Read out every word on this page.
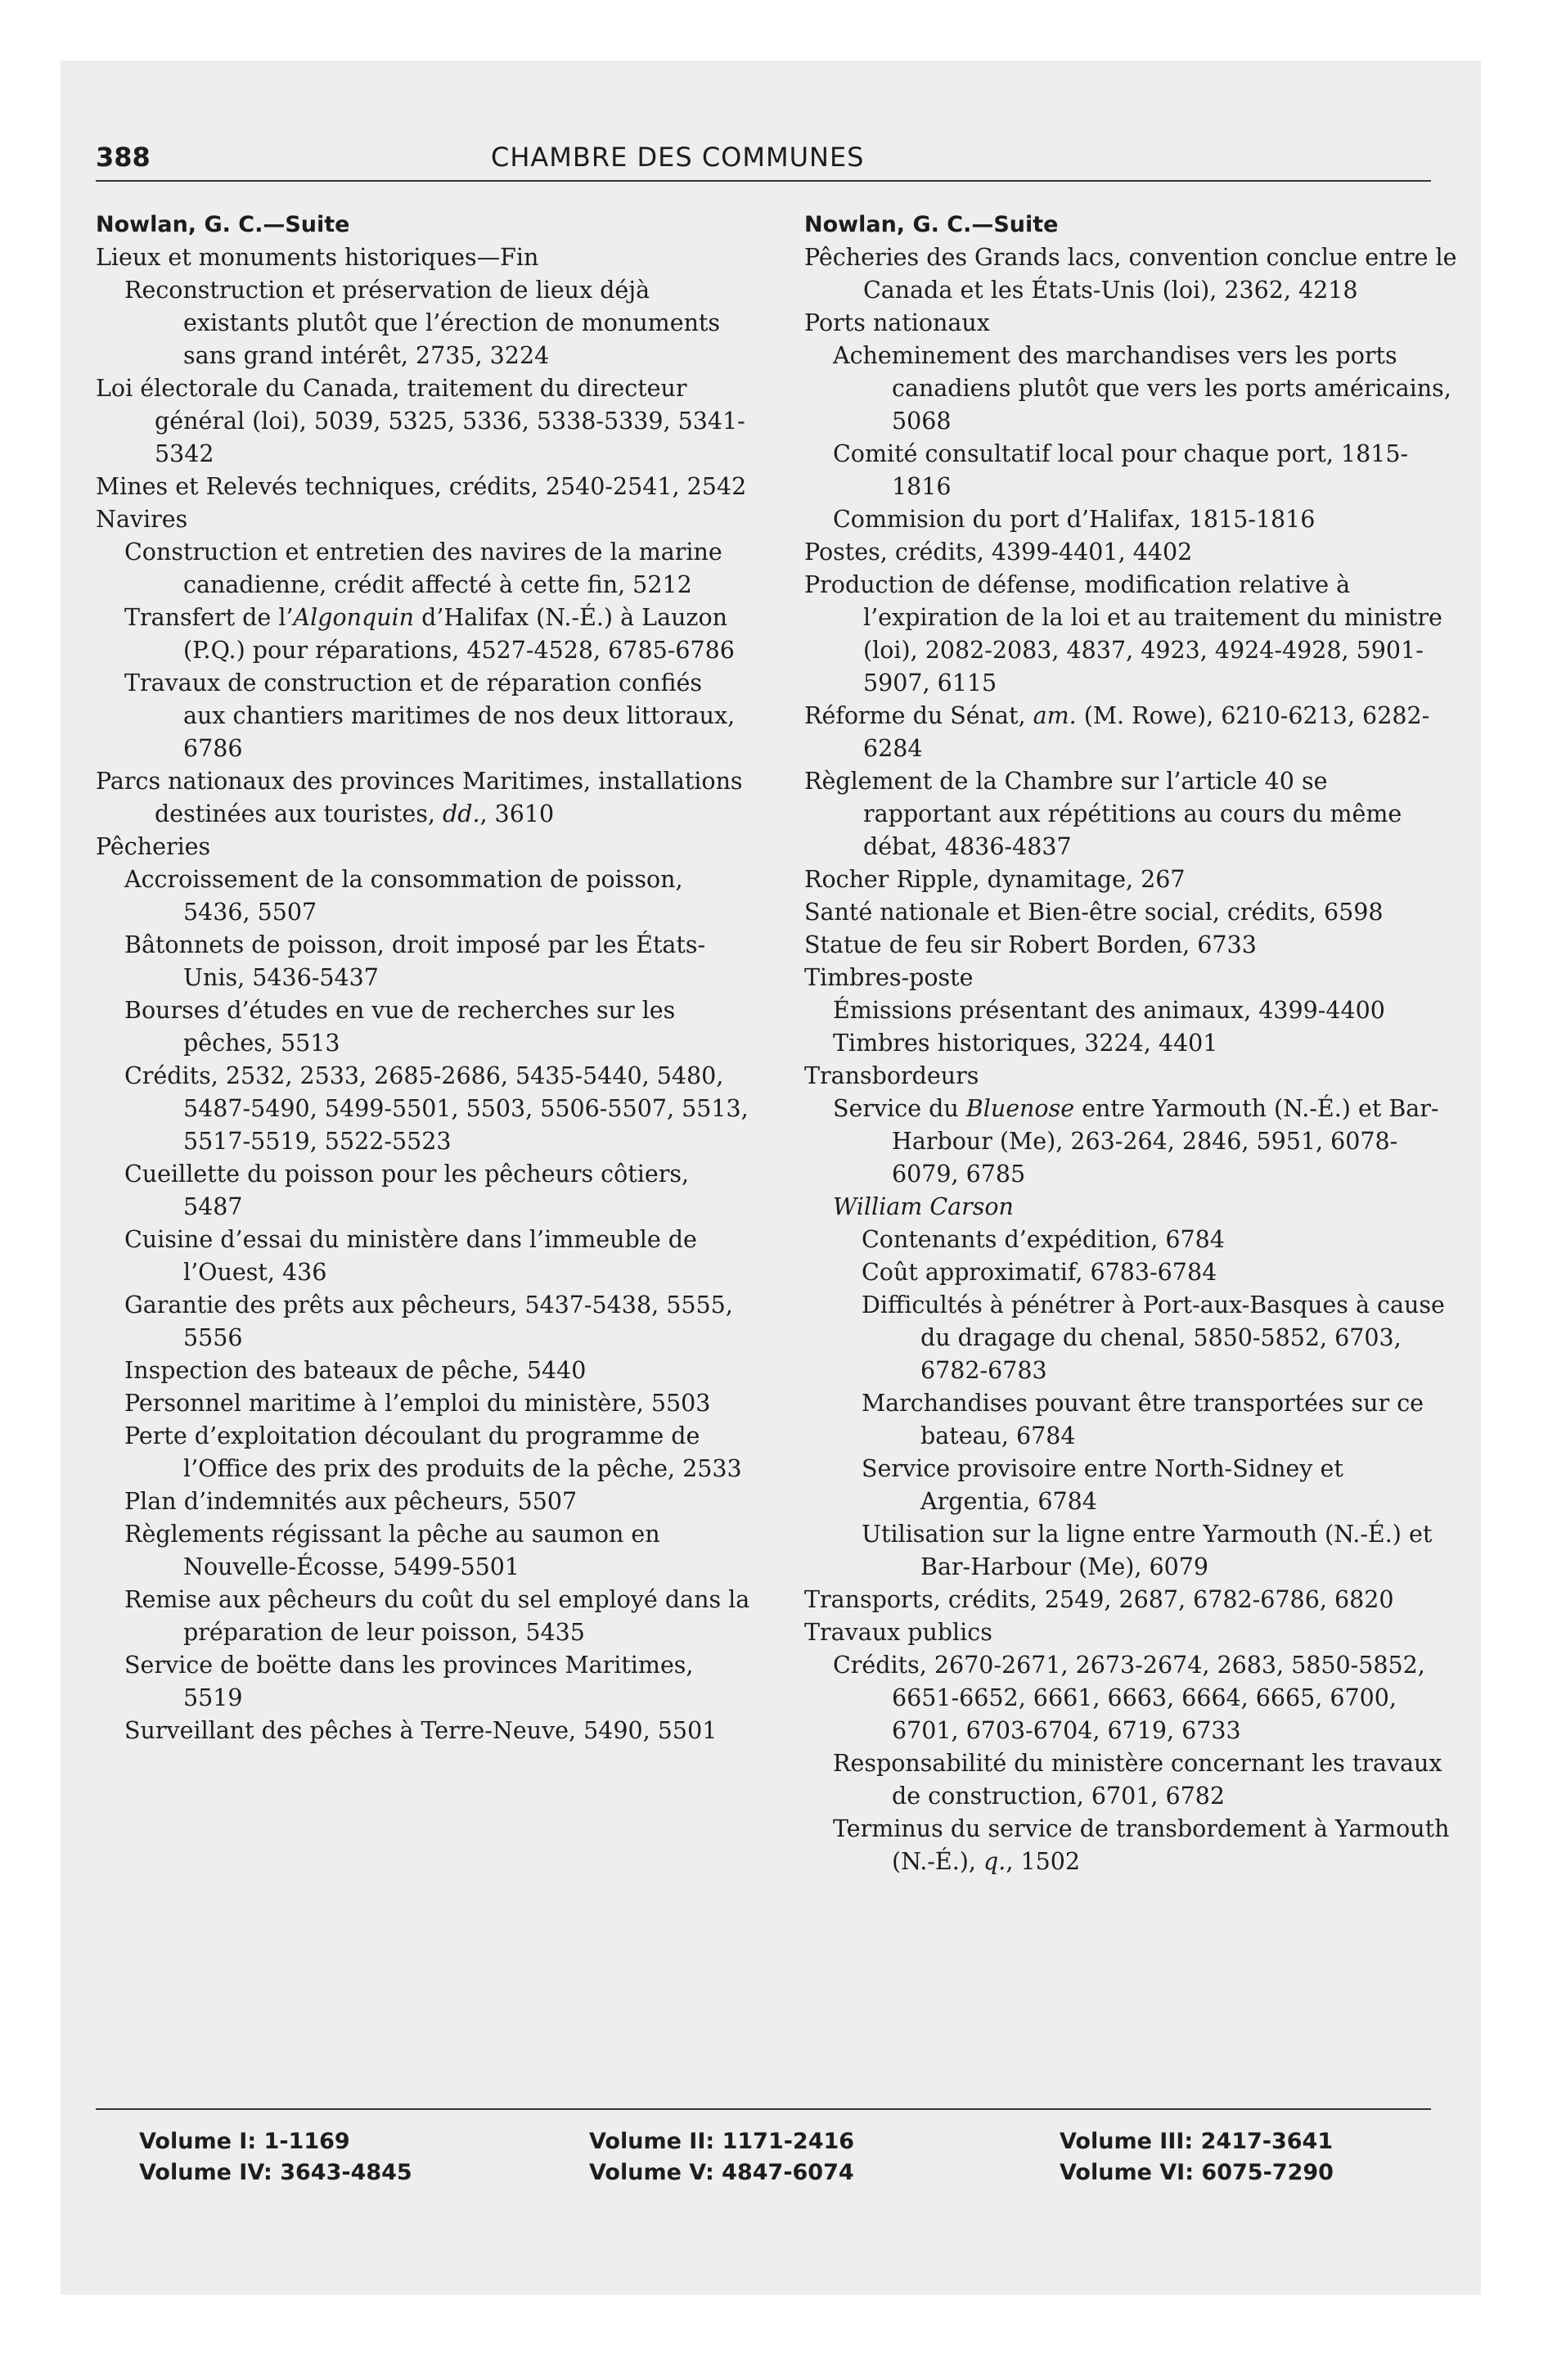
388	CHAMBRE DES COMMUNES

Nowlan, G. C.—Suite

Lieux et monuments historiques—Fin

Reconstruction et préservation de lieux déjà existants plutôt que l’érection de monuments sans grand intérêt, 2735, 3224

Loi électorale du Canada, traitement du directeur général (loi), 5039, 5325, 5336, 5338-5339, 5341-5342

Mines et Relevés techniques, crédits, 2540-2541, 2542

Navires

Construction et entretien des navires de la marine canadienne, crédit affecté à cette fin, 5212

Transfert de l’Algonquin d’Halifax (N.-É.) à Lauzon (P.Q.) pour réparations, 4527-4528, 6785-6786

Travaux de construction et de réparation confiés aux chantiers maritimes de nos deux littoraux, 6786

Parcs nationaux des provinces Maritimes, installations destinées aux touristes, dd., 3610

Pêcheries

Accroissement de la consommation de poisson, 5436, 5507

Bâtonnets de poisson, droit imposé par les États-Unis, 5436-5437

Bourses d’études en vue de recherches sur les pêches, 5513

Crédits, 2532, 2533, 2685-2686, 5435-5440, 5480, 5487-5490, 5499-5501, 5503, 5506-5507, 5513, 5517-5519, 5522-5523

Cueillette du poisson pour les pêcheurs côtiers, 5487

Cuisine d’essai du ministère dans l’immeuble de l’Ouest, 436

Garantie des prêts aux pêcheurs, 5437-5438, 5555, 5556

Inspection des bateaux de pêche, 5440

Personnel maritime à l’emploi du ministère, 5503

Perte d’exploitation découlant du programme de l’Office des prix des produits de la pêche, 2533

Plan d’indemnités aux pêcheurs, 5507

Règlements régissant la pêche au saumon en Nouvelle-Écosse, 5499-5501

Remise aux pêcheurs du coût du sel employé dans la préparation de leur poisson, 5435

Service de boëtte dans les provinces Maritimes, 5519

Surveillant des pêches à Terre-Neuve, 5490, 5501

Nowlan, G. C.—Suite

Pêcheries des Grands lacs, convention conclue entre le Canada et les États-Unis (loi), 2362, 4218

Ports nationaux

Acheminement des marchandises vers les ports canadiens plutôt que vers les ports américains, 5068

Comité consultatif local pour chaque port, 1815-1816

Commision du port d’Halifax, 1815-1816

Postes, crédits, 4399-4401, 4402

Production de défense, modification relative à l’expiration de la loi et au traitement du ministre (loi), 2082-2083, 4837, 4923, 4924-4928, 5901-5907, 6115

Réforme du Sénat, am. (M. Rowe), 6210-6213, 6282-6284

Règlement de la Chambre sur l’article 40 se rapportant aux répétitions au cours du même débat, 4836-4837

Rocher Ripple, dynamitage, 267

Santé nationale et Bien-être social, crédits, 6598

Statue de feu sir Robert Borden, 6733

Timbres-poste

Émissions présentant des animaux, 4399-4400

Timbres historiques, 3224, 4401

Transbordeurs

Service du Bluenose entre Yarmouth (N.-É.) et Bar-Harbour (Me), 263-264, 2846, 5951, 6078-6079, 6785

William Carson

Contenants d’expédition, 6784

Coût approximatif, 6783-6784

Difficultés à pénétrer à Port-aux-Basques à cause du dragage du chenal, 5850-5852, 6703, 6782-6783

Marchandises pouvant être transportées sur ce bateau, 6784

Service provisoire entre North-Sidney et Argentia, 6784

Utilisation sur la ligne entre Yarmouth (N.-É.) et Bar-Harbour (Me), 6079

Transports, crédits, 2549, 2687, 6782-6786, 6820

Travaux publics

Crédits, 2670-2671, 2673-2674, 2683, 5850-5852, 6651-6652, 6661, 6663, 6664, 6665, 6700, 6701, 6703-6704, 6719, 6733

Responsabilité du ministère concernant les travaux de construction, 6701, 6782

Terminus du service de transbordement à Yarmouth (N.-É.), q., 1502

Volume I: 1-1169	Volume II: 1171-2416	Volume III: 2417-3641
Volume IV: 3643-4845	Volume V: 4847-6074	Volume VI: 6075-7290
